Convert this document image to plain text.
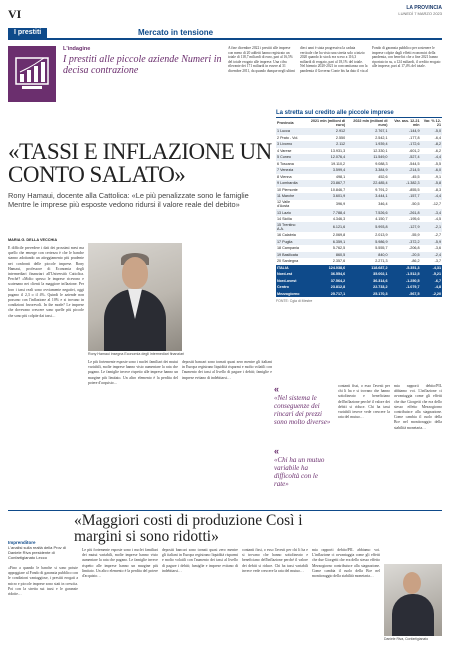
VI	LA PROVINCIA
LUNEDÌ 7 MARZO 2023
I prestiti	Mercato in tensione
L'indagine
I prestiti alle piccole aziende Numeri in decisa contrazione
A fine dicembre 2022 i prestiti alle imprese con meno di 20 addetti hanno registrato un totale di 118,7 miliardi di euro, pari al 16,5% del totale erogato alle imprese. Una cifra rilevante dei 171 miliardi in essere al 31 dicembre 2011, da quando dunque negli ultimi
dieci anni è stata progressiva la caduta verticale che ha visto una stretta solo a inizio 2020 quando lo stock era sceso a 116,3 miliardi di erogato, pari al 18,1% del totale. Nel biennio 2020-2021 in concomitanza con la pandemia il Governo Conte bis ha dato il via al
Fondo di garanzia pubblico per sostenere le imprese colpite dagli effetti economici della pandemia, con benefici che a fine 2021 hanno riportato in su, a 124 miliardi, il credito erogato alle imprese, pari al 17,4% del totale.
La stretta sul credito alle piccole imprese
Provincia	2021 mln (milioni di euro)	2022 mln (milioni di euro)	Var. ass. 12-21 mln	Var. % 12-21
1 Lucca	2.912	2.767,1	-144,9	-5,0
2 Prato - Vol.	2.550	2.542,1	-177,8	-6,4
3 Livorno	2.112	1.939,4	-172,6	-8,2
4 Varese	13.931,3	12.330,1	-601,2	-6,2
5 Cuneo	12.076,4	11.549,0	-527,4	-4,4
6 Toscana	19.110,2	9.088,3	-544,5	-5,5
7 Venezia	3.599,4	3.384,9	-214,5	-6,0
8 Vienna	498,1	452,6	-45,5	-9,1
9 Lombardia	23.867,7	22.485,4	-1.382,3	-5,8
10 Piemonte	10.846,7	9.791,2	-855,5	-8,3
11 Marche	3.601,9	3.444,1	-157,7	-4,4
12 Valle d'Aosta	396,9	346,4	-50,5	-12,7
13 Lazio	7.788,4	7.526,6	-261,8	-3,4
14 Sicilia	4.346,3	4.150,7	-195,6	-4,5
15 Trentino A.A.	6.121,6	5.993,8	-127,9	-2,1
16 Calabria	2.069,8	2.013,9	-55,9	-2,7
17 Puglia	6.359,1	5.986,9	-372,2	-5,9
18 Campania	5.762,5	5.555,7	-206,8	-3,6
19 Basilicata	860,5	840,0	-20,5	-2,4
20 Sardegna	2.357,6	2.271,3	-86,2	-3,7
ITALIA	124.038,6	118.687,2	-5.351,3	-4,31
Nord-est	36.554,6	35.002,1	-1.512,5	-5,21
Nord-ovest	37.564,2	36.314,6	-1.250,5	-6,7
Centro	23.812,8	22.733,2	-1.079,7	-4,8
Mezzogiorno	25.717,1	25.170,3	-567,5	-2,20
FONTE: Cgia di Mestre
«TASSI E INFLAZIONE UN CONTO SALATO»
Rony Hamaui, docente alla Cattolica: «Le più penalizzate sono le famiglie Mentre le imprese più esposte vedono ridursi il valore reale del debito»
MARIA G. DELLA VECCHIA
È difficile prevedere i dati dei prossimi mesi ma quello che emerge con certezza è che le banche stanno adottando un atteggiamento più prudente nei confronti delle piccole imprese. Rony Hamaui, professore di Economia degli intermediari finanziari all'Università Cattolica. Perché? «Molto spesso le imprese ricevono e scatenano nei clienti la maggiore inflazione. Per loro i tassi reali sono ovviamente negativi, oggi pagano il 2,3 o il 4%. Quindi le aziende non possono con l'inflazione al 10% e si trovano in condizioni favorevoli. In the mode? Le imprese che dovevano crescere sono quelle più piccole che sono più colpite dai tassi…
Rony Hamaui insegna Economia degli intermediari finanziari
Le più fortemente esposte sono i nuclei familiari dei mutui variabili, molte imprese hanno visto aumentare la rata che pagano. Le famiglie invece rispetto alle imprese hanno un margine più limitato. Un altro elemento è la perdita del potere d'acquisto…
depositi bancari sono tornati quasi zero mentre gli italiani in Europa registrano liquidità risparmi e molto volatili con l'aumento dei tassi al livello di pagare i debiti; famiglie e imprese evitano di indebitarsi…
«
«Nel sistema le conseguenze dei rincari dei prezzi sono molto diverse»
«
«Chi ha un mutuo variabile ha difficoltà con le rate»
contanti fissi, o esso l'avesti per chi li ha e si trovano che hanno sottolineato e beneficiano dell'inflazione perché il valore dei debiti si riduce. Chi ha tassi variabili invece vede crescere la rata del mutuo…
mia rapporti debito/PIL abbiamo voi. L'inflazione ci avvantaggia come gli effetti che due Giorgetti che era dello stesso effetto Mezzogiorno contribuisce alla stagnazione. Come cambia il ruolo della Bce nel monitoraggio della stabilità monetaria…
«Maggiori costi di produzione Così i margini si sono ridotti»
Imprenditore
L'analisi sulla realtà della Prov di Daniele Riva presidente di Confartigianato Lecco
«Fino a quando le banche si sono potute appoggiare al Fondo di garanzia pubblico con le condizioni vantaggiose, i prestiti erogati a micro e piccole imprese sono stati in crescita. Poi con la stretta sui tassi e le garanzie ridotte…
Le più fortemente esposte sono i nuclei familiari dei mutui variabili, molte imprese hanno visto aumentare la rata che pagano. Le famiglie invece rispetto alle imprese hanno un margine più limitato. Un altro elemento è la perdita del potere d'acquisto…
depositi bancari sono tornati quasi zero mentre gli italiani in Europa registrano liquidità risparmi e molto volatili con l'aumento dei tassi al livello di pagare i debiti; famiglie e imprese evitano di indebitarsi…
contanti fissi, o esso l'avesti per chi li ha e si trovano che hanno sottolineato e beneficiano dell'inflazione perché il valore dei debiti si riduce. Chi ha tassi variabili invece vede crescere la rata del mutuo…
mia rapporti debito/PIL abbiamo voi. L'inflazione ci avvantaggia come gli effetti che due Giorgetti che era dello stesso effetto Mezzogiorno contribuisce alla stagnazione. Come cambia il ruolo della Bce nel monitoraggio della stabilità monetaria…
Daniele Riva, Confartigianato
